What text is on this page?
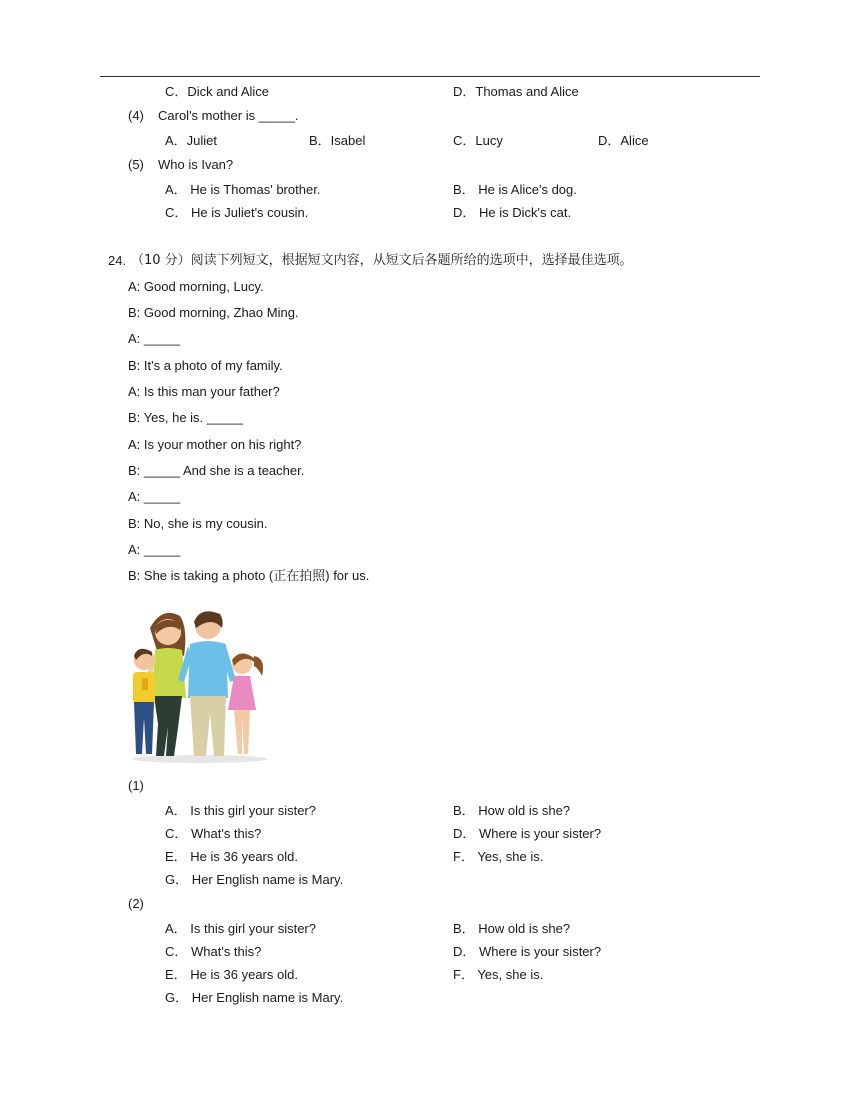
C．Dick and Alice	D．Thomas and Alice
(4) Carol's mother is _____.
A．Juliet	B．Isabel	C．Lucy	D．Alice
(5) Who is Ivan?
A． He is Thomas' brother.	B． He is Alice's dog.
C． He is Juliet's cousin.	D． He is Dick's cat.
24. （10 分）阅读下列短文，根据短文内容，从短文后各题所给的选项中，选择最佳选项。
A: Good morning, Lucy.
B: Good morning, Zhao Ming.
A: _____
B: It's a photo of my family.
A: Is this man your father?
B: Yes, he is. _____
A: Is your mother on his right?
B: _____ And she is a teacher.
A: _____
B: No, she is my cousin.
A: _____
B: She is taking a photo (正在拍照) for us.
(1)
A． Is this girl your sister?	B． How old is she?
C． What's this?	D． Where is your sister?
E． He is 36 years old.	F． Yes, she is.
G． Her English name is Mary.
(2)
A． Is this girl your sister?	B． How old is she?
C． What's this?	D． Where is your sister?
E． He is 36 years old.	F． Yes, she is.
G． Her English name is Mary.
